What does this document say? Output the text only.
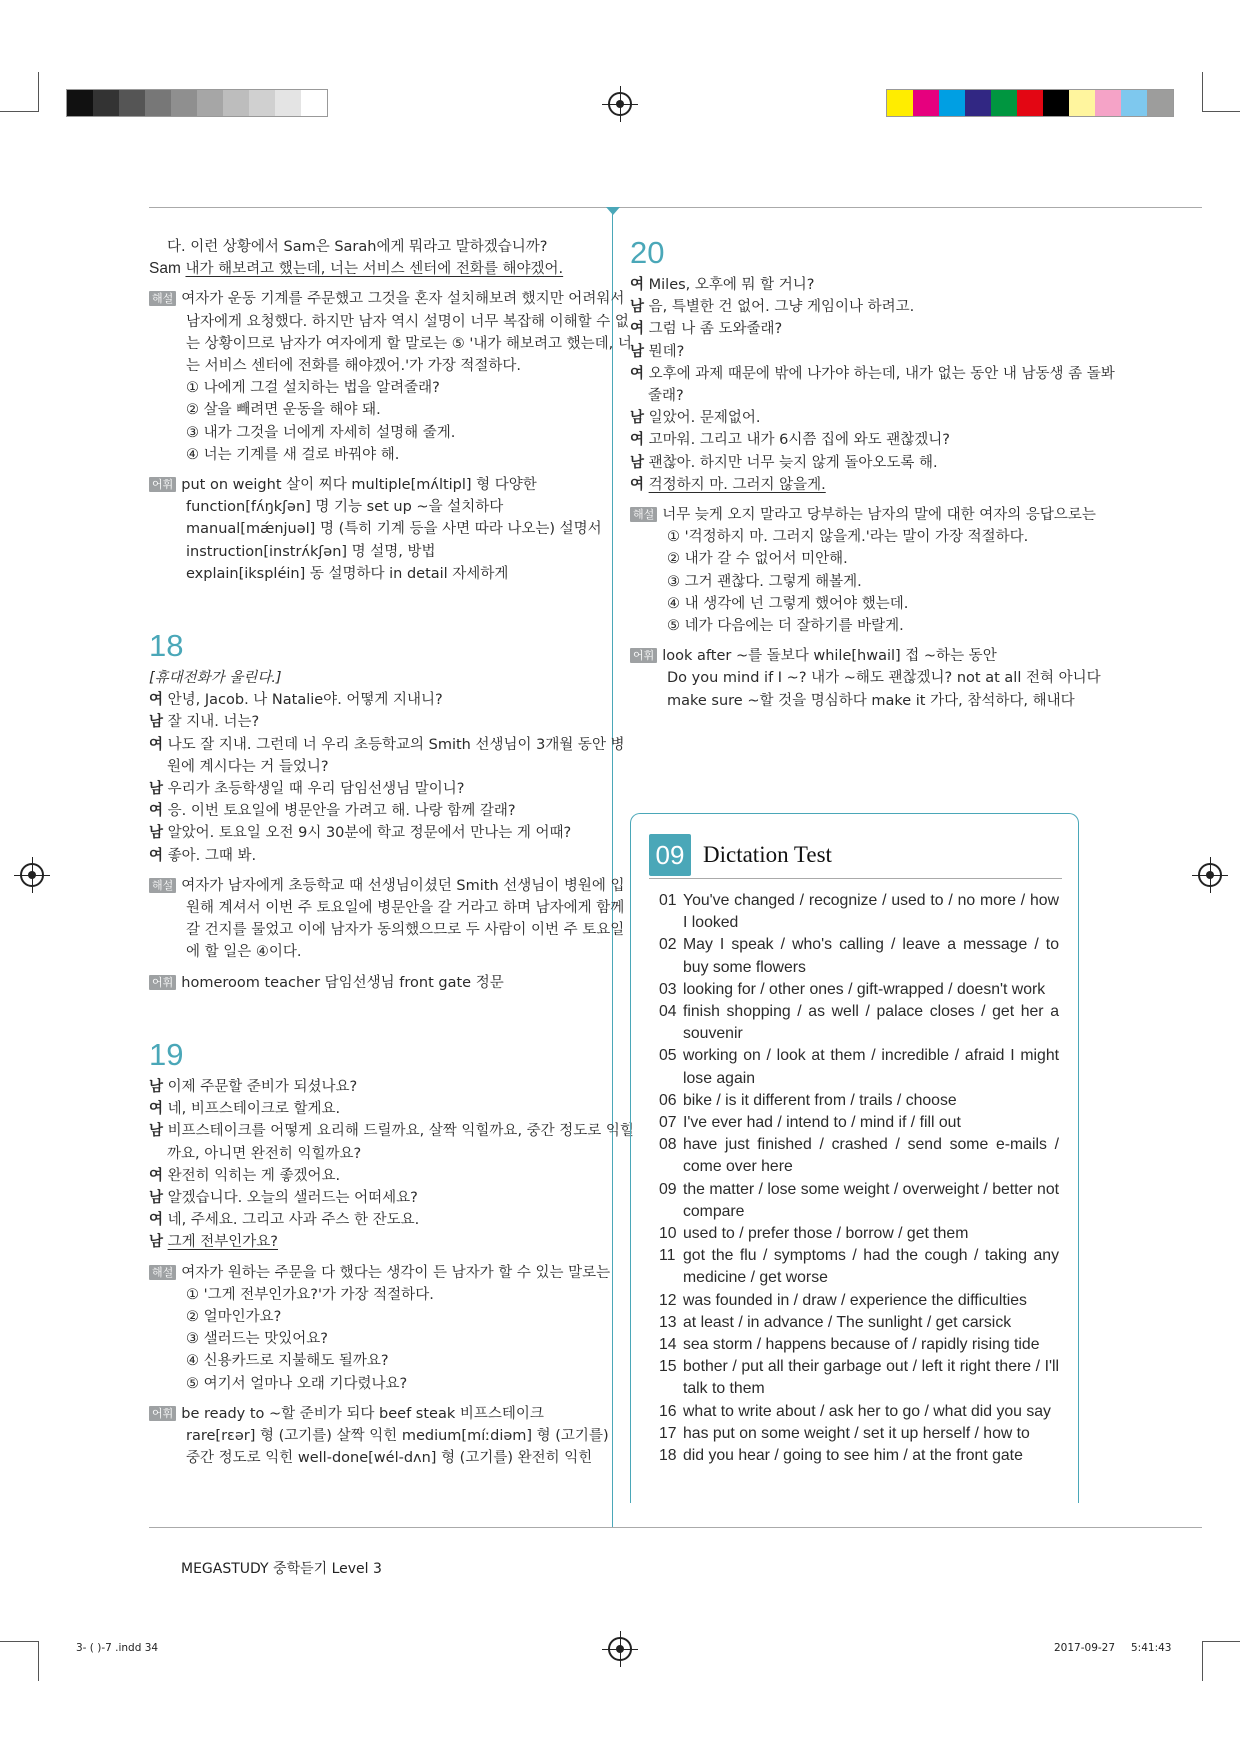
다. 이런 상황에서 Sam은 Sarah에게 뭐라고 말하겠습니까?
Sam 내가 해보려고 했는데, 너는 서비스 센터에 전화를 해야겠어.
해설 여자가 운동 기계를 주문했고 그것을 혼자 설치해보려 했지만 어려워서
남자에게 요청했다. 하지만 남자 역시 설명이 너무 복잡해 이해할 수 없
는 상황이므로 남자가 여자에게 할 말로는 ⑤ '내가 해보려고 했는데, 너
는 서비스 센터에 전화를 해야겠어.'가 가장 적절하다.
① 나에게 그걸 설치하는 법을 알려줄래?
② 살을 빼려면 운동을 해야 돼.
③ 내가 그것을 너에게 자세히 설명해 줄게.
④ 너는 기계를 새 걸로 바꿔야 해.
어휘 put on weight 살이 찌다 multiple[mʌ́ltipl] 형 다양한
function[fʌ́ŋkʃən] 명 기능 set up ~을 설치하다
manual[mǽnjuəl] 명 (특히 기계 등을 사면 따라 나오는) 설명서
instruction[instrʌ́kʃən] 명 설명, 방법
explain[ikspléin] 동 설명하다 in detail 자세하게
18
[휴대전화가 울린다.]
여 안녕, Jacob. 나 Natalie야. 어떻게 지내니?
남 잘 지내. 너는?
여 나도 잘 지내. 그런데 너 우리 초등학교의 Smith 선생님이 3개월 동안 병
원에 계시다는 거 들었니?
남 우리가 초등학생일 때 우리 담임선생님 말이니?
여 응. 이번 토요일에 병문안을 가려고 해. 나랑 함께 갈래?
남 알았어. 토요일 오전 9시 30분에 학교 정문에서 만나는 게 어때?
여 좋아. 그때 봐.
해설 여자가 남자에게 초등학교 때 선생님이셨던 Smith 선생님이 병원에 입
원해 계셔서 이번 주 토요일에 병문안을 갈 거라고 하며 남자에게 함께
갈 건지를 물었고 이에 남자가 동의했으므로 두 사람이 이번 주 토요일
에 할 일은 ④이다.
어휘 homeroom teacher 담임선생님 front gate 정문
19
남 이제 주문할 준비가 되셨나요?
여 네, 비프스테이크로 할게요.
남 비프스테이크를 어떻게 요리해 드릴까요, 살짝 익힐까요, 중간 정도로 익힐
까요, 아니면 완전히 익힐까요?
여 완전히 익히는 게 좋겠어요.
남 알겠습니다. 오늘의 샐러드는 어떠세요?
여 네, 주세요. 그리고 사과 주스 한 잔도요.
남 그게 전부인가요?
해설 여자가 원하는 주문을 다 했다는 생각이 든 남자가 할 수 있는 말로는
① '그게 전부인가요?'가 가장 적절하다.
② 얼마인가요?
③ 샐러드는 맛있어요?
④ 신용카드로 지불해도 될까요?
⑤ 여기서 얼마나 오래 기다렸나요?
어휘 be ready to ~할 준비가 되다 beef steak 비프스테이크
rare[rɛər] 형 (고기를) 살짝 익힌 medium[míːdiəm] 형 (고기를)
중간 정도로 익힌 well-done[wél-dʌn] 형 (고기를) 완전히 익힌
20
여 Miles, 오후에 뭐 할 거니?
남 음, 특별한 건 없어. 그냥 게임이나 하려고.
여 그럼 나 좀 도와줄래?
남 뭔데?
여 오후에 과제 때문에 밖에 나가야 하는데, 내가 없는 동안 내 남동생 좀 돌봐
줄래?
남 일았어. 문제없어.
여 고마워. 그리고 내가 6시쯤 집에 와도 괜찮겠니?
남 괜찮아. 하지만 너무 늦지 않게 돌아오도록 해.
여 걱정하지 마. 그러지 않을게.
해설 너무 늦게 오지 말라고 당부하는 남자의 말에 대한 여자의 응답으로는
① '걱정하지 마. 그러지 않을게.'라는 말이 가장 적절하다.
② 내가 갈 수 없어서 미안해.
③ 그거 괜찮다. 그렇게 해볼게.
④ 내 생각에 넌 그렇게 했어야 했는데.
⑤ 네가 다음에는 더 잘하기를 바랄게.
어휘 look after ~를 돌보다 while[hwail] 접 ~하는 동안
Do you mind if I ~? 내가 ~해도 괜찮겠니? not at all 전혀 아니다
make sure ~할 것을 명심하다 make it 가다, 참석하다, 해내다
09 Dictation Test
01 You've changed / recognize / used to / no more / how I looked
02 May I speak / who's calling / leave a message / to buy some flowers
03 looking for / other ones / gift-wrapped / doesn't work
04 finish shopping / as well / palace closes / get her a souvenir
05 working on / look at them / incredible / afraid I might lose again
06 bike / is it different from / trails / choose
07 I've ever had / intend to / mind if / fill out
08 have just finished / crashed / send some e-mails / come over here
09 the matter / lose some weight / overweight / better not compare
10 used to / prefer those / borrow / get them
11 got the flu / symptoms / had the cough / taking any medicine / get worse
12 was founded in / draw / experience the difficulties
13 at least / in advance / The sunlight / get carsick
14 sea storm / happens because of / rapidly rising tide
15 bother / put all their garbage out / left it right there / I'll talk to them
16 what to write about / ask her to go / what did you say
17 has put on some weight / set it up herself / how to
18 did you hear / going to see him / at the front gate
MEGASTUDY 중학듣기 Level 3
3- ( )-7 .indd 34	2017-09-27 5:41:43
